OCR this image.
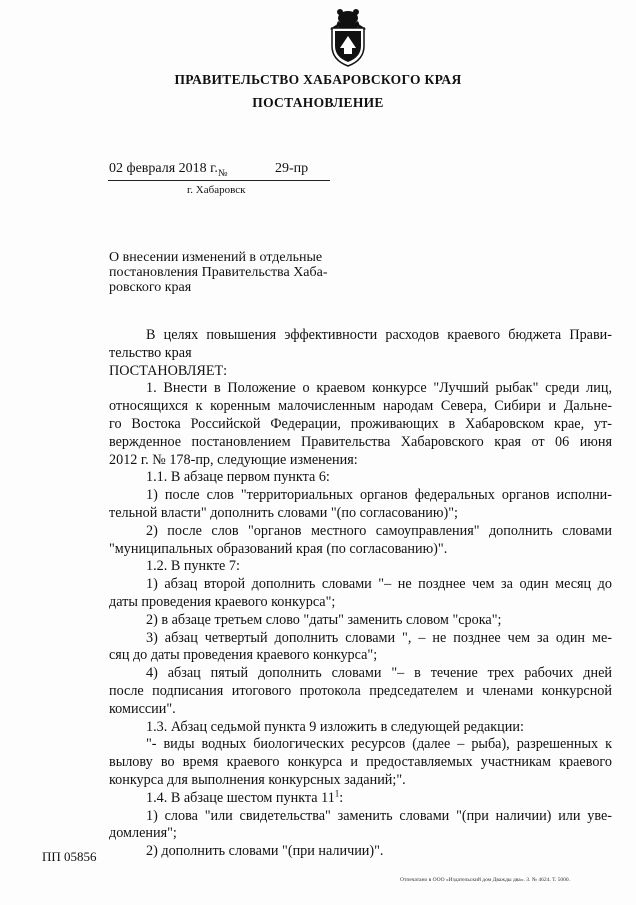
ПРАВИТЕЛЬСТВО ХАБАРОВСКОГО КРАЯ
ПОСТАНОВЛЕНИЕ
02 февраля 2018 г. №	29-пр
г. Хабаровск
О внесении изменений в отдельные
постановления Правительства Хаба-
ровского края
В целях повышения эффективности расходов краевого бюджета Прави-
тельство края
ПОСТАНОВЛЯЕТ:
1. Внести в Положение о краевом конкурсе "Лучший рыбак" среди лиц,
относящихся к коренным малочисленным народам Севера, Сибири и Дальне-
го Востока Российской Федерации, проживающих в Хабаровском крае, ут-
вержденное постановлением Правительства Хабаровского края от 06 июня
2012 г. № 178-пр, следующие изменения:
1.1. В абзаце первом пункта 6:
1) после слов "территориальных органов федеральных органов исполни-
тельной власти" дополнить словами "(по согласованию)";
2) после слов "органов местного самоуправления" дополнить словами
"муниципальных образований края (по согласованию)".
1.2. В пункте 7:
1) абзац второй дополнить словами "– не позднее чем за один месяц до
даты проведения краевого конкурса";
2) в абзаце третьем слово "даты" заменить словом "срока";
3) абзац четвертый дополнить словами ", – не позднее чем за один ме-
сяц до даты проведения краевого конкурса";
4) абзац пятый дополнить словами "– в течение трех рабочих дней
после подписания итогового протокола председателем и членами конкурсной
комиссии".
1.3. Абзац седьмой пункта 9 изложить в следующей редакции:
"- виды водных биологических ресурсов (далее – рыба), разрешенных к
вылову во время краевого конкурса и предоставляемых участникам краевого
конкурса для выполнения конкурсных заданий;".
1.4. В абзаце шестом пункта $11^1$:
1) слова "или свидетельства" заменить словами "(при наличии) или уве-
домления";
2) дополнить словами "(при наличии)".
ПП 05856
Отпечатано в ООО «Издательский дом Дважды два». З. № 4624. Т. 5000.
